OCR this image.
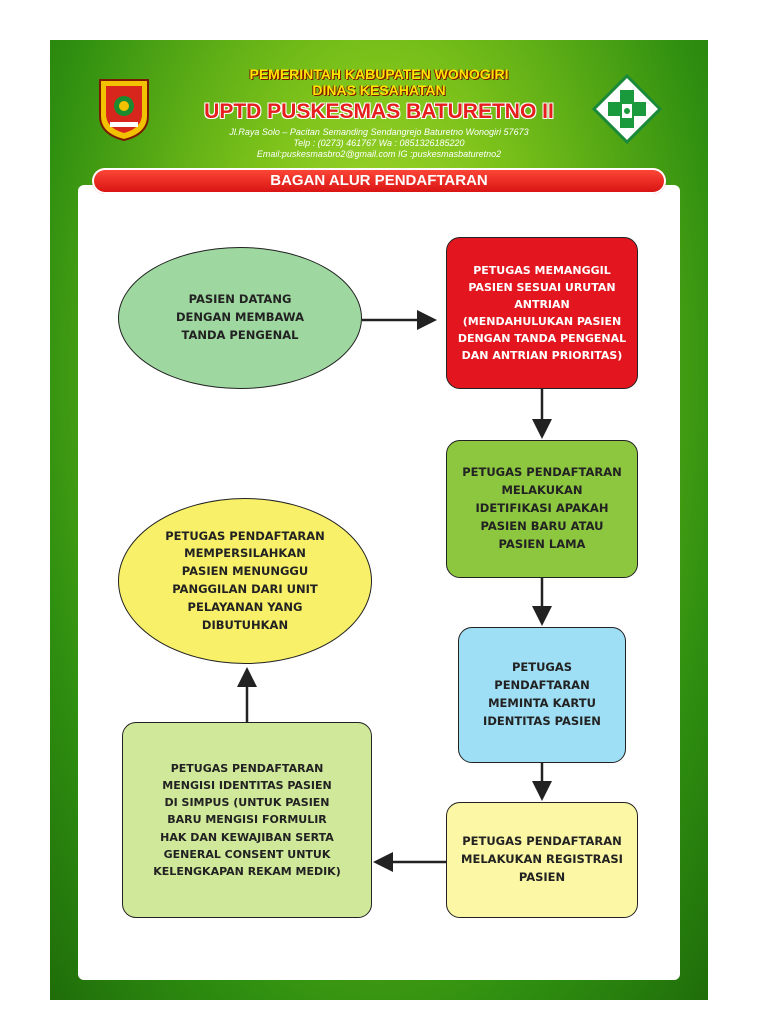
PEMERINTAH KABUPATEN WONOGIRI
DINAS KESAHATAN
UPTD PUSKESMAS BATURETNO II
Jl.Raya Solo – Pacitan Semanding Sendangrejo Baturetno Wonogiri 57673
Telp : (0273) 461767 Wa : 0851326185220
Email:puskesmasbro2@gmail.com IG :puskesmasbaturetno2
BAGAN ALUR PENDAFTARAN
PASIEN DATANG
DENGAN MEMBAWA
TANDA PENGENAL
PETUGAS MEMANGGIL
PASIEN SESUAI URUTAN
ANTRIAN
(MENDAHULUKAN PASIEN
DENGAN TANDA PENGENAL
DAN ANTRIAN PRIORITAS)
PETUGAS PENDAFTARAN
MELAKUKAN
IDETIFIKASI APAKAH
PASIEN BARU ATAU
PASIEN LAMA
PETUGAS PENDAFTARAN
MEMINTA KARTU
IDENTITAS PASIEN
PETUGAS PENDAFTARAN
MELAKUKAN REGISTRASI
PASIEN
PETUGAS PENDAFTARAN
MENGISI IDENTITAS PASIEN
DI SIMPUS (UNTUK PASIEN
BARU MENGISI FORMULIR
HAK DAN KEWAJIBAN SERTA
GENERAL CONSENT UNTUK
KELENGKAPAN REKAM MEDIK)
PETUGAS PENDAFTARAN
MEMPERSILAHKAN
PASIEN MENUNGGU
PANGGILAN DARI UNIT
PELAYANAN YANG
DIBUTUHKAN
